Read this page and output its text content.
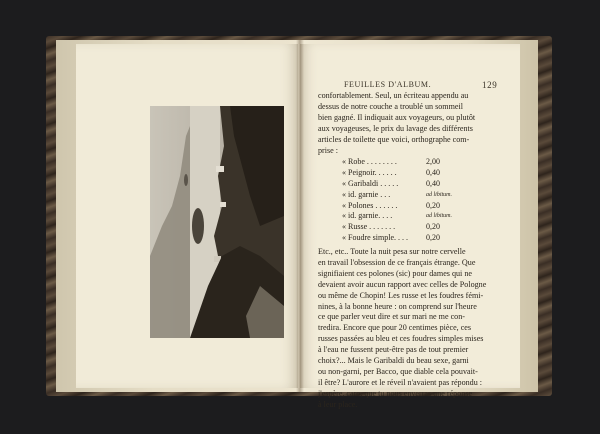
FEUILLES D'ALBUM.	129
confortablement. Seul, un écriteau appendu au
dessus de notre couche a troublé un sommeil
bien gagné. Il indiquait aux voyageurs, ou plutôt
aux voyageuses, le prix du lavage des différents
articles de toilette que voici, orthographe com-
prise :
« Robe . . . . . . . .	2,00
« Peignoir. . . . . .	0,40
« Garibaldi . . . . .	0,40
« id. garnie . . .	ad libitum.
« Polones . . . . . .	0,20
« id. garnie. . . .	ad libitum.
« Russe . . . . . . .	0,20
« Foudre simple. . . . 0,20
Etc., etc.. Toute la nuit pesa sur notre cervelle
en travail l'obsession de ce français étrange. Que
signifiaient ces polones (sic) pour dames qui ne
devaient avoir aucun rapport avec celles de Pologne
ou même de Chopin! Les russe et les foudres fémi-
nines, à la bonne heure : on comprend sur l'heure
ce que parler veut dire et sur mari ne me con-
tredira. Encore que pour 20 centimes pièce, ces
russes passées au bleu et ces foudres simples mises
à l'eau ne fussent peut-être pas de tout premier
choix?... Mais le Garibaldi du beau sexe, garni
ou non-garni, per Bacco, que diable cela pouvait-
il être? L'aurore et le réveil n'avaient pas répondu :
j'espère, caro, que tu nous enverras une réponse
à leur place.
